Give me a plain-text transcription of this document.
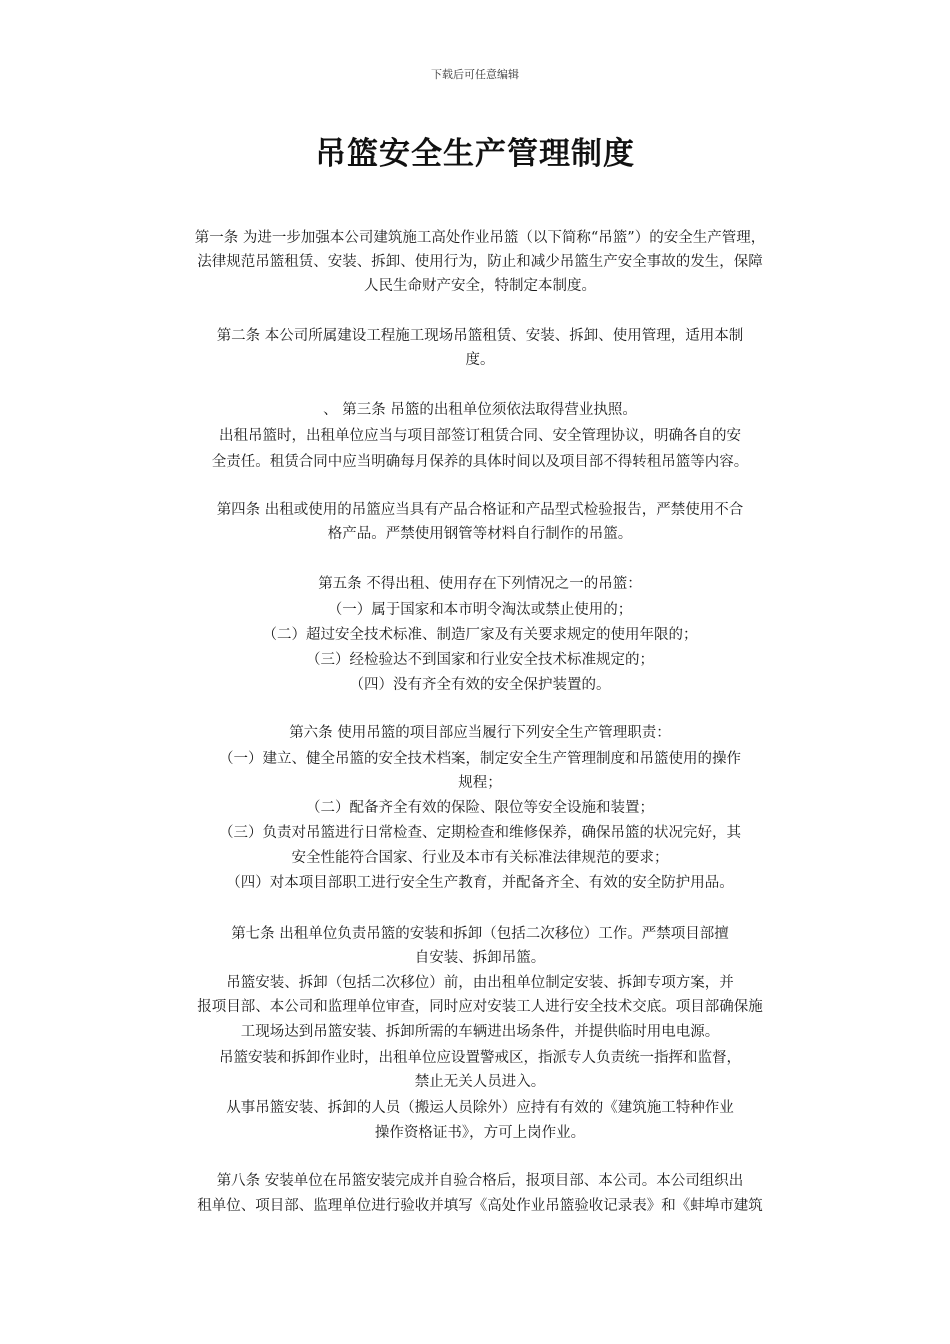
下载后可任意编辑
吊篮安全生产管理制度
第一条 为进一步加强本公司建筑施工高处作业吊篮（以下简称“吊篮”）的安全生产管理，
法律规范吊篮租赁、安装、拆卸、使用行为，防止和减少吊篮生产安全事故的发生，保障
人民生命财产安全，特制定本制度。
第二条 本公司所属建设工程施工现场吊篮租赁、安装、拆卸、使用管理，适用本制
度。
、 第三条 吊篮的出租单位须依法取得营业执照。
出租吊篮时，出租单位应当与项目部签订租赁合同、安全管理协议，明确各自的安
全责任。租赁合同中应当明确每月保养的具体时间以及项目部不得转租吊篮等内容。
第四条 出租或使用的吊篮应当具有产品合格证和产品型式检验报告，严禁使用不合
格产品。严禁使用钢管等材料自行制作的吊篮。
第五条 不得出租、使用存在下列情况之一的吊篮：
（一）属于国家和本市明令淘汰或禁止使用的；
（二）超过安全技术标准、制造厂家及有关要求规定的使用年限的；
（三）经检验达不到国家和行业安全技术标准规定的；
（四）没有齐全有效的安全保护装置的。
第六条 使用吊篮的项目部应当履行下列安全生产管理职责：
（一）建立、健全吊篮的安全技术档案，制定安全生产管理制度和吊篮使用的操作
规程；
（二）配备齐全有效的保险、限位等安全设施和装置；
（三）负责对吊篮进行日常检查、定期检查和维修保养，确保吊篮的状况完好，其
安全性能符合国家、行业及本市有关标准法律规范的要求；
（四）对本项目部职工进行安全生产教育，并配备齐全、有效的安全防护用品。
第七条 出租单位负责吊篮的安装和拆卸（包括二次移位）工作。严禁项目部擅
自安装、拆卸吊篮。
吊篮安装、拆卸（包括二次移位）前，由出租单位制定安装、拆卸专项方案，并
报项目部、本公司和监理单位审查，同时应对安装工人进行安全技术交底。项目部确保施
工现场达到吊篮安装、拆卸所需的车辆进出场条件，并提供临时用电电源。
吊篮安装和拆卸作业时，出租单位应设置警戒区，指派专人负责统一指挥和监督，
禁止无关人员进入。
从事吊篮安装、拆卸的人员（搬运人员除外）应持有有效的《建筑施工特种作业
操作资格证书》，方可上岗作业。
第八条 安装单位在吊篮安装完成并自验合格后，报项目部、本公司。本公司组织出
租单位、项目部、监理单位进行验收并填写《高处作业吊篮验收记录表》和《蚌埠市建筑
